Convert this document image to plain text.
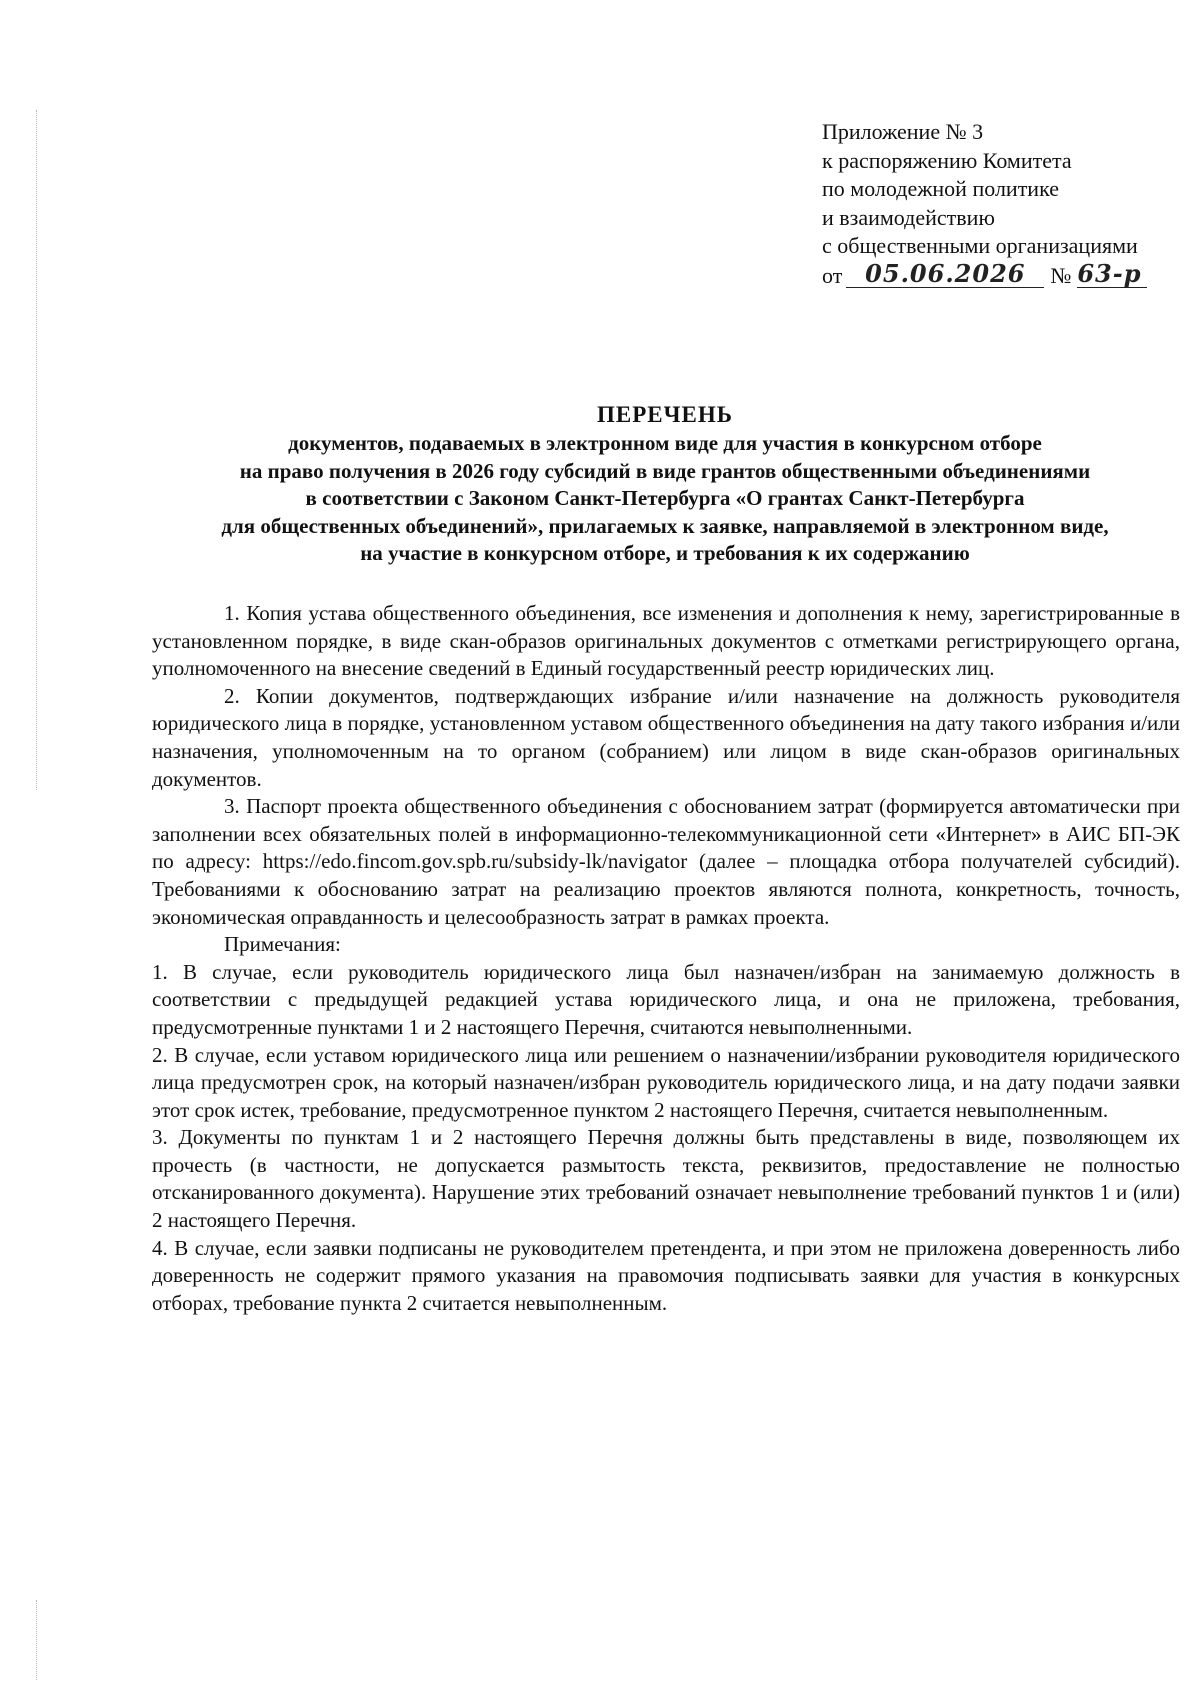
Приложение № 3
к распоряжению Комитета
по молодежной политике
и взаимодействию
с общественными организациями
от 05.06.2026	№ 63-р
ПЕРЕЧЕНЬ
документов, подаваемых в электронном виде для участия в конкурсном отборе
на право получения в 2026 году субсидий в виде грантов общественными объединениями
в соответствии с Законом Санкт-Петербурга «О грантах Санкт-Петербурга
для общественных объединений», прилагаемых к заявке, направляемой в электронном виде,
на участие в конкурсном отборе, и требования к их содержанию

1. Копия устава общественного объединения, все изменения и дополнения к нему, зарегистрированные в установленном порядке, в виде скан-образов оригинальных документов с отметками регистрирующего органа, уполномоченного на внесение сведений в Единый государственный реестр юридических лиц.

2. Копии документов, подтверждающих избрание и/или назначение на должность руководителя юридического лица в порядке, установленном уставом общественного объединения на дату такого избрания и/или назначения, уполномоченным на то органом (собранием) или лицом в виде скан-образов оригинальных документов.

3. Паспорт проекта общественного объединения с обоснованием затрат (формируется автоматически при заполнении всех обязательных полей в информационно-телекоммуникационной сети «Интернет» в АИС БП-ЭК по адресу: https://edo.fincom.gov.spb.ru/subsidy-lk/navigator (далее – площадка отбора получателей субсидий). Требованиями к обоснованию затрат на реализацию проектов являются полнота, конкретность, точность, экономическая оправданность и целесообразность затрат в рамках проекта.

Примечания:

1. В случае, если руководитель юридического лица был назначен/избран на занимаемую должность в соответствии с предыдущей редакцией устава юридического лица, и она не приложена, требования, предусмотренные пунктами 1 и 2 настоящего Перечня, считаются невыполненными.

2. В случае, если уставом юридического лица или решением о назначении/избрании руководителя юридического лица предусмотрен срок, на который назначен/избран руководитель юридического лица, и на дату подачи заявки этот срок истек, требование, предусмотренное пунктом 2 настоящего Перечня, считается невыполненным.

3. Документы по пунктам 1 и 2 настоящего Перечня должны быть представлены в виде, позволяющем их прочесть (в частности, не допускается размытость текста, реквизитов, предоставление не полностью отсканированного документа). Нарушение этих требований означает невыполнение требований пунктов 1 и (или) 2 настоящего Перечня.

4. В случае, если заявки подписаны не руководителем претендента, и при этом не приложена доверенность либо доверенность не содержит прямого указания на правомочия подписывать заявки для участия в конкурсных отборах, требование пункта 2 считается невыполненным.
